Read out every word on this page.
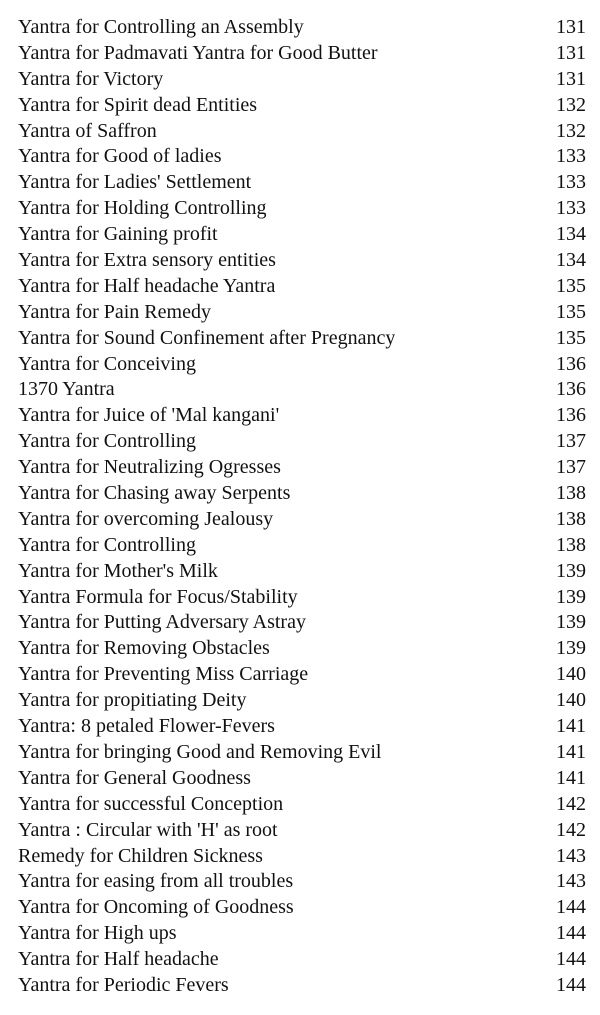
Yantra for Controlling an Assembly	131
Yantra for Padmavati Yantra for Good Butter	131
Yantra for Victory	131
Yantra for Spirit dead Entities	132
Yantra of Saffron	132
Yantra for Good of ladies	133
Yantra for Ladies' Settlement	133
Yantra for Holding Controlling	133
Yantra for Gaining profit	134
Yantra for Extra sensory entities	134
Yantra for Half headache Yantra	135
Yantra for Pain Remedy	135
Yantra for Sound Confinement after Pregnancy	135
Yantra for Conceiving	136
1370 Yantra	136
Yantra for Juice of 'Mal kangani'	136
Yantra for Controlling	137
Yantra for Neutralizing Ogresses	137
Yantra for Chasing away Serpents	138
Yantra for overcoming Jealousy	138
Yantra for Controlling	138
Yantra for Mother's Milk	139
Yantra Formula for Focus/Stability	139
Yantra for Putting Adversary Astray	139
Yantra for Removing Obstacles	139
Yantra for Preventing Miss Carriage	140
Yantra for propitiating Deity	140
Yantra: 8 petaled Flower-Fevers	141
Yantra for bringing Good and Removing Evil	141
Yantra for General Goodness	141
Yantra for successful Conception	142
Yantra : Circular with 'H' as root	142
Remedy for Children Sickness	143
Yantra for easing from all troubles	143
Yantra for Oncoming of Goodness	144
Yantra for High ups	144
Yantra for Half headache	144
Yantra for Periodic Fevers	144
